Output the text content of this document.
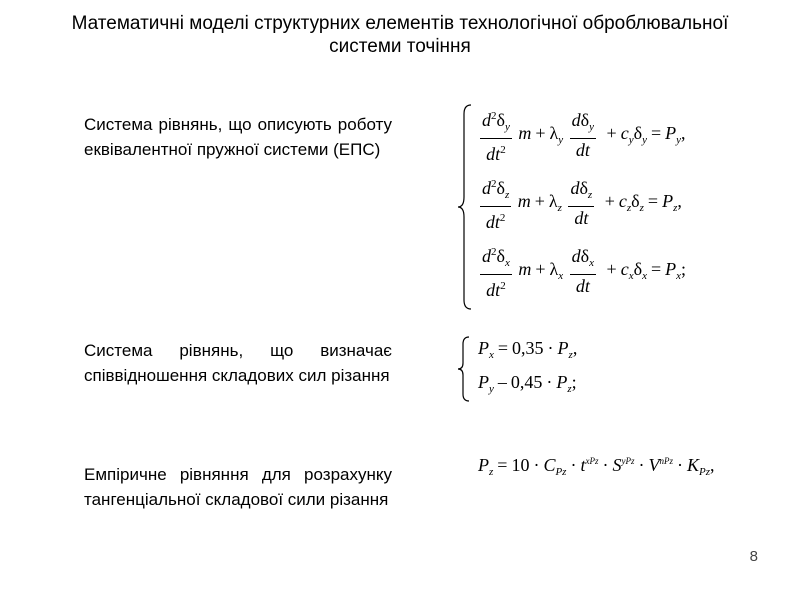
Математичні моделі структурних елементів технологічної оброблювальної системи точіння
Система рівнянь, що описують роботу еквівалентної пружної системи (ЕПС)	$\frac{d^2\delta_y}{dt^2}$ $m + \lambda_y \frac{d\delta_y}{dt} + c_y\delta_y = P_y$,
$\frac{d^2\delta_z}{dt^2}$ $m + \lambda_z \frac{d\delta_z}{dt} + c_z\delta_z = P_z$,
$\frac{d^2\delta_x}{dt^2}$ $m + \lambda_x \frac{d\delta_x}{dt} + c_x\delta_x = P_x$;
Система рівнянь, що визначає співвідношення складових сил різання
$P_x = 0,35 \cdot P_z$,
$P_y - 0,45 \cdot P_z$;
Емпіричне рівняння для розрахунку тангенціальної складової сили різання
$P_z = 10 \cdot C_{Pz} \cdot t^{xPz} \cdot S^{yPz} \cdot V^{nPz} \cdot K_{Pz}$,
8
